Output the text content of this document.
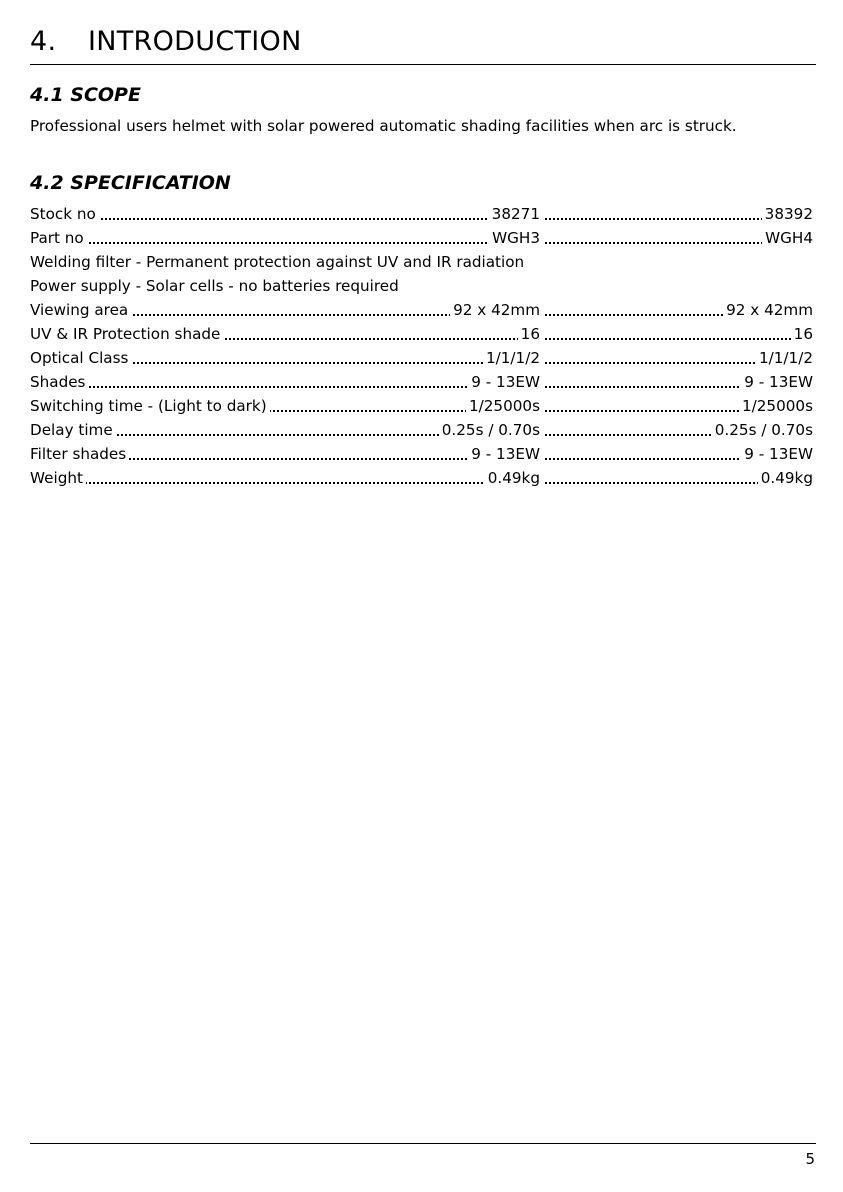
4. INTRODUCTION
4.1 SCOPE

Professional users helmet with solar powered automatic shading facilities when arc is struck.

4.2 SPECIFICATION
Stock no	38271	38392
Part no	WGH3	WGH4
Welding filter - Permanent protection against UV and IR radiation
Power supply - Solar cells - no batteries required
Viewing area	92 x 42mm	92 x 42mm
UV & IR Protection shade	16	16
Optical Class	1/1/1/2	1/1/1/2
Shades	9 - 13EW	9 - 13EW
Switching time - (Light to dark)	1/25000s	1/25000s
Delay time	0.25s / 0.70s	0.25s / 0.70s
Filter shades	9 - 13EW	9 - 13EW
Weight	0.49kg	0.49kg
5
